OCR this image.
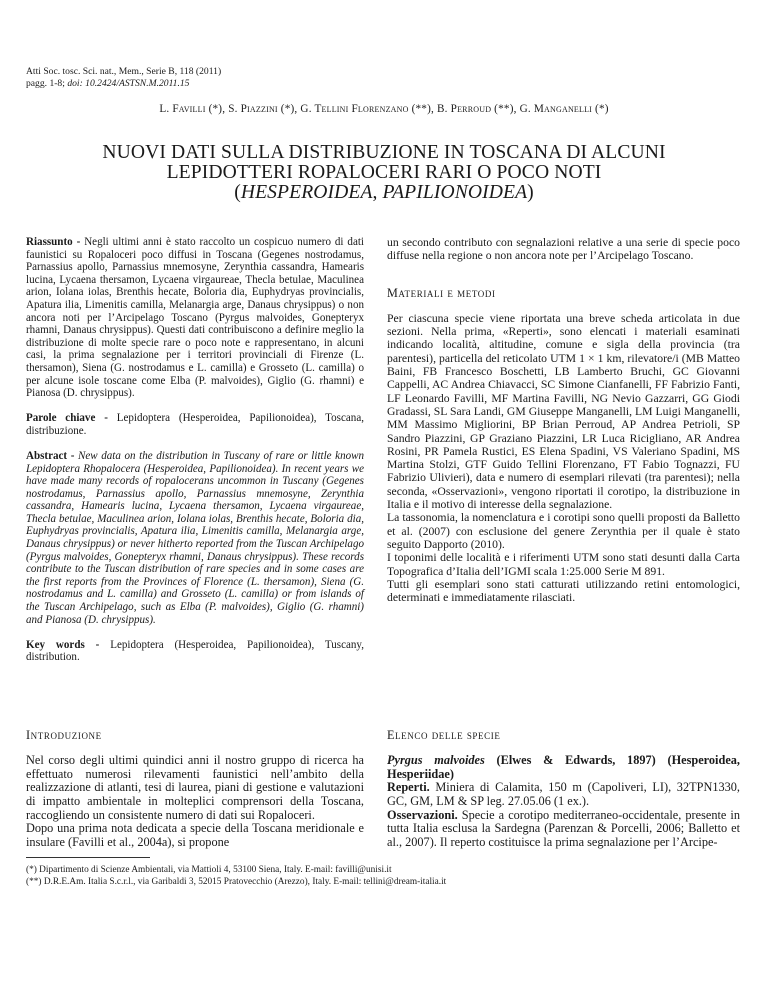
Atti Soc. tosc. Sci. nat., Mem., Serie B, 118 (2011)
pagg. 1-8; doi: 10.2424/ASTSN.M.2011.15
L. Favilli (*), S. Piazzini (*), G. Tellini Florenzano (**), B. Perroud (**), G. Manganelli (*)
NUOVI DATI SULLA DISTRIBUZIONE IN TOSCANA DI ALCUNI
LEPIDOTTERI ROPALOCERI RARI O POCO NOTI
(HESPEROIDEA, PAPILIONOIDEA)

Riassunto - Negli ultimi anni è stato raccolto un cospicuo numero di dati faunistici su Ropaloceri poco diffusi in Toscana (Gegenes nostrodamus, Parnassius apollo, Parnassius mnemosyne, Zerynthia cassandra, Hamearis lucina, Lycaena thersamon, Lycaena virgaureae, Thecla betulae, Maculinea arion, Iolana iolas, Brenthis hecate, Boloria dia, Euphydryas provincialis, Apatura ilia, Limenitis camilla, Melanargia arge, Danaus chrysippus) o non ancora noti per l’Arcipelago Toscano (Pyrgus malvoides, Gonepteryx rhamni, Danaus chrysippus). Questi dati contribuiscono a definire meglio la distribuzione di molte specie rare o poco note e rappresentano, in alcuni casi, la prima segnalazione per i territori provinciali di Firenze (L. thersamon), Siena (G. nostrodamus e L. camilla) e Grosseto (L. camilla) o per alcune isole toscane come Elba (P. malvoides), Giglio (G. rhamni) e Pianosa (D. chrysippus).

Parole chiave - Lepidoptera (Hesperoidea, Papilionoidea), Toscana, distribuzione.

Abstract - New data on the distribution in Tuscany of rare or little known Lepidoptera Rhopalocera (Hesperoidea, Papilionoidea). In recent years we have made many records of ropalocerans uncommon in Tuscany (Gegenes nostrodamus, Parnassius apollo, Parnassius mnemosyne, Zerynthia cassandra, Hamearis lucina, Lycaena thersamon, Lycaena virgaureae, Thecla betulae, Maculinea arion, Iolana iolas, Brenthis hecate, Boloria dia, Euphydryas provincialis, Apatura ilia, Limenitis camilla, Melanargia arge, Danaus chrysippus) or never hitherto reported from the Tuscan Archipelago (Pyrgus malvoides, Gonepteryx rhamni, Danaus chrysippus). These records contribute to the Tuscan distribution of rare species and in some cases are the first reports from the Provinces of Florence (L. thersamon), Siena (G. nostrodamus and L. camilla) and Grosseto (L. camilla) or from islands of the Tuscan Archipelago, such as Elba (P. malvoides), Giglio (G. rhamni) and Pianosa (D. chrysippus).

Key words - Lepidoptera (Hesperoidea, Papilionoidea), Tuscany, distribution.

un secondo contributo con segnalazioni relative a una serie di specie poco diffuse nella regione o non ancora note per l’Arcipelago Toscano.

Materiali e metodi

Per ciascuna specie viene riportata una breve scheda articolata in due sezioni. Nella prima, «Reperti», sono elencati i materiali esaminati indicando località, altitudine, comune e sigla della provincia (tra parentesi), particella del reticolato UTM 1 × 1 km, rilevatore/i (MB Matteo Baini, FB Francesco Boschetti, LB Lamberto Bruchi, GC Giovanni Cappelli, AC Andrea Chiavacci, SC Simone Cianfanelli, FF Fabrizio Fanti, LF Leonardo Favilli, MF Martina Favilli, NG Nevio Gazzarri, GG Giodi Gradassi, SL Sara Landi, GM Giuseppe Manganelli, LM Luigi Manganelli, MM Massimo Migliorini, BP Brian Perroud, AP Andrea Petrioli, SP Sandro Piazzini, GP Graziano Piazzini, LR Luca Ricigliano, AR Andrea Rosini, PR Pamela Rustici, ES Elena Spadini, VS Valeriano Spadini, MS Martina Stolzi, GTF Guido Tellini Florenzano, FT Fabio Tognazzi, FU Fabrizio Ulivieri), data e numero di esemplari rilevati (tra parentesi); nella seconda, «Osservazioni», vengono riportati il corotipo, la distribuzione in Italia e il motivo di interesse della segnalazione.

La tassonomia, la nomenclatura e i corotipi sono quelli proposti da Balletto et al. (2007) con esclusione del genere Zerynthia per il quale è stato seguito Dapporto (2010).

I toponimi delle località e i riferimenti UTM sono stati desunti dalla Carta Topografica d’Italia dell’IGMI scala 1:25.000 Serie M 891.

Tutti gli esemplari sono stati catturati utilizzando retini entomologici, determinati e immediatamente rilasciati.

Introduzione

Nel corso degli ultimi quindici anni il nostro gruppo di ricerca ha effettuato numerosi rilevamenti faunistici nell’ambito della realizzazione di atlanti, tesi di laurea, piani di gestione e valutazioni di impatto ambientale in molteplici comprensori della Toscana, raccogliendo un consistente numero di dati sui Ropaloceri.

Dopo una prima nota dedicata a specie della Toscana meridionale e insulare (Favilli et al., 2004a), si propone

Elenco delle specie

Pyrgus malvoides (Elwes & Edwards, 1897) (Hesperoidea, Hesperiidae)

Reperti. Miniera di Calamita, 150 m (Capoliveri, LI), 32TPN1330, GC, GM, LM & SP leg. 27.05.06 (1 ex.).

Osservazioni. Specie a corotipo mediterraneo-occidentale, presente in tutta Italia esclusa la Sardegna (Parenzan & Porcelli, 2006; Balletto et al., 2007). Il reperto costituisce la prima segnalazione per l’Arcipe-

(*) Dipartimento di Scienze Ambientali, via Mattioli 4, 53100 Siena, Italy. E-mail: favilli@unisi.it
(**) D.R.E.Am. Italia S.c.r.l., via Garibaldi 3, 52015 Pratovecchio (Arezzo), Italy. E-mail: tellini@dream-italia.it
